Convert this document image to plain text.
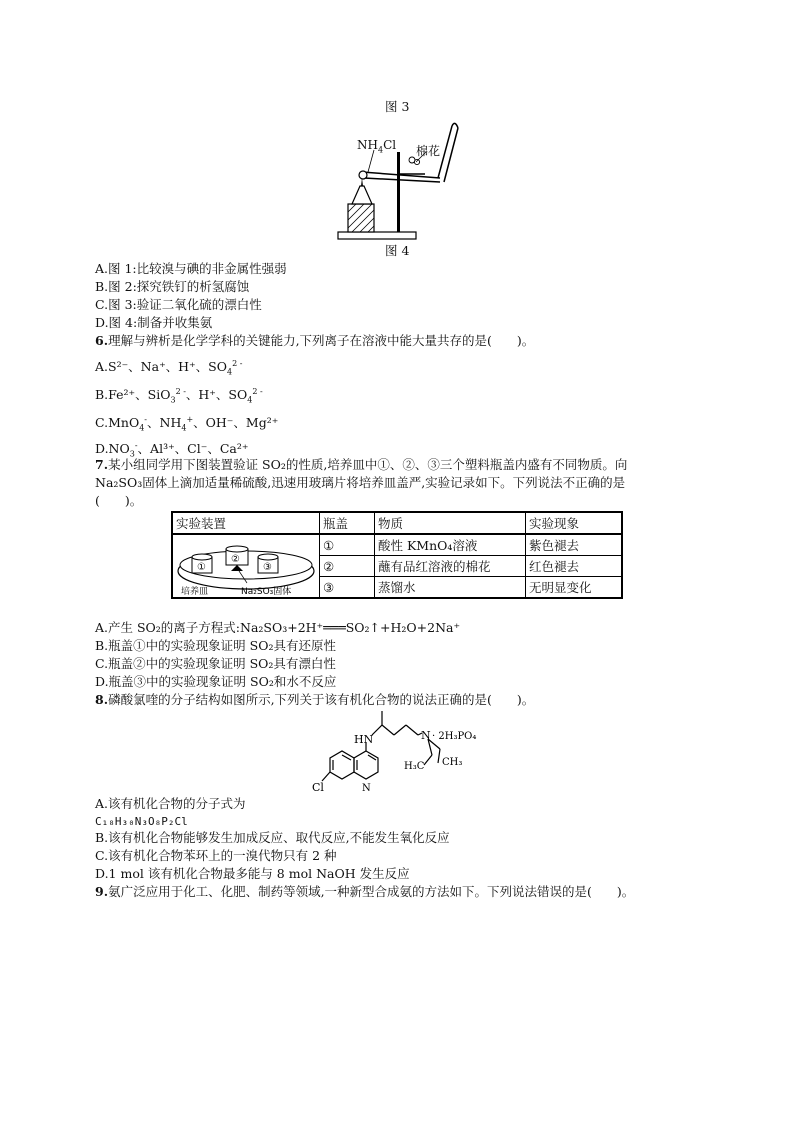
图 3
$NH_4Cl$ 棉花
图 4
A.图 1:比较溴与碘的非金属性强弱
B.图 2:探究铁钉的析氢腐蚀
C.图 3:验证二氧化硫的漂白性
D.图 4:制备并收集氨
6.理解与辨析是化学学科的关键能力,下列离子在溶液中能大量共存的是(　　)。
A.S²⁻、Na⁺、H⁺、$SO_4^{2 -}$
B.Fe²⁺、SiO$_3^{2 -}$、H⁺、$SO_4^{2 -}$
C.MnO$_4$-、$NH_4^+$、OH⁻、Mg²⁺
$D.NO_3^-$、Al³⁺、Cl⁻、Ca²⁺
7.某小组同学用下图装置验证 SO₂的性质,培养皿中①、②、③三个塑料瓶盖内盛有不同物质。向
Na₂SO₃固体上滴加适量稀硫酸,迅速用玻璃片将培养皿盖严,实验记录如下。下列说法不正确的是
(　　)。
实验装置	瓶盖	物质	实验现象

①
②
③
培养皿 Na₂SO₃固体	①	酸性 KMnO₄溶液	紫色褪去
	②	蘸有品红溶液的棉花	红色褪去
	③	蒸馏水	无明显变化
A.产生 SO₂的离子方程式:Na₂SO₃+2H⁺═══SO₂↑+H₂O+2Na⁺
B.瓶盖①中的实验现象证明 SO₂具有还原性
C.瓶盖②中的实验现象证明 SO₂具有漂白性
D.瓶盖③中的实验现象证明 SO₂和水不反应
8.磷酸氯喹的分子结构如图所示,下列关于该有机化合物的说法正确的是(　　)。
HN	N · 2H₃PO₄
H₃C CH₃
Cl	N
A.该有机化合物的分子式为
C₁₈H₃₀N₃O₈P₂Cl
B.该有机化合物能够发生加成反应、取代反应,不能发生氧化反应
C.该有机化合物苯环上的一溴代物只有 2 种
D.1 mol 该有机化合物最多能与 8 mol NaOH 发生反应
9.氨广泛应用于化工、化肥、制药等领域,一种新型合成氨的方法如下。下列说法错误的是(　　)。
